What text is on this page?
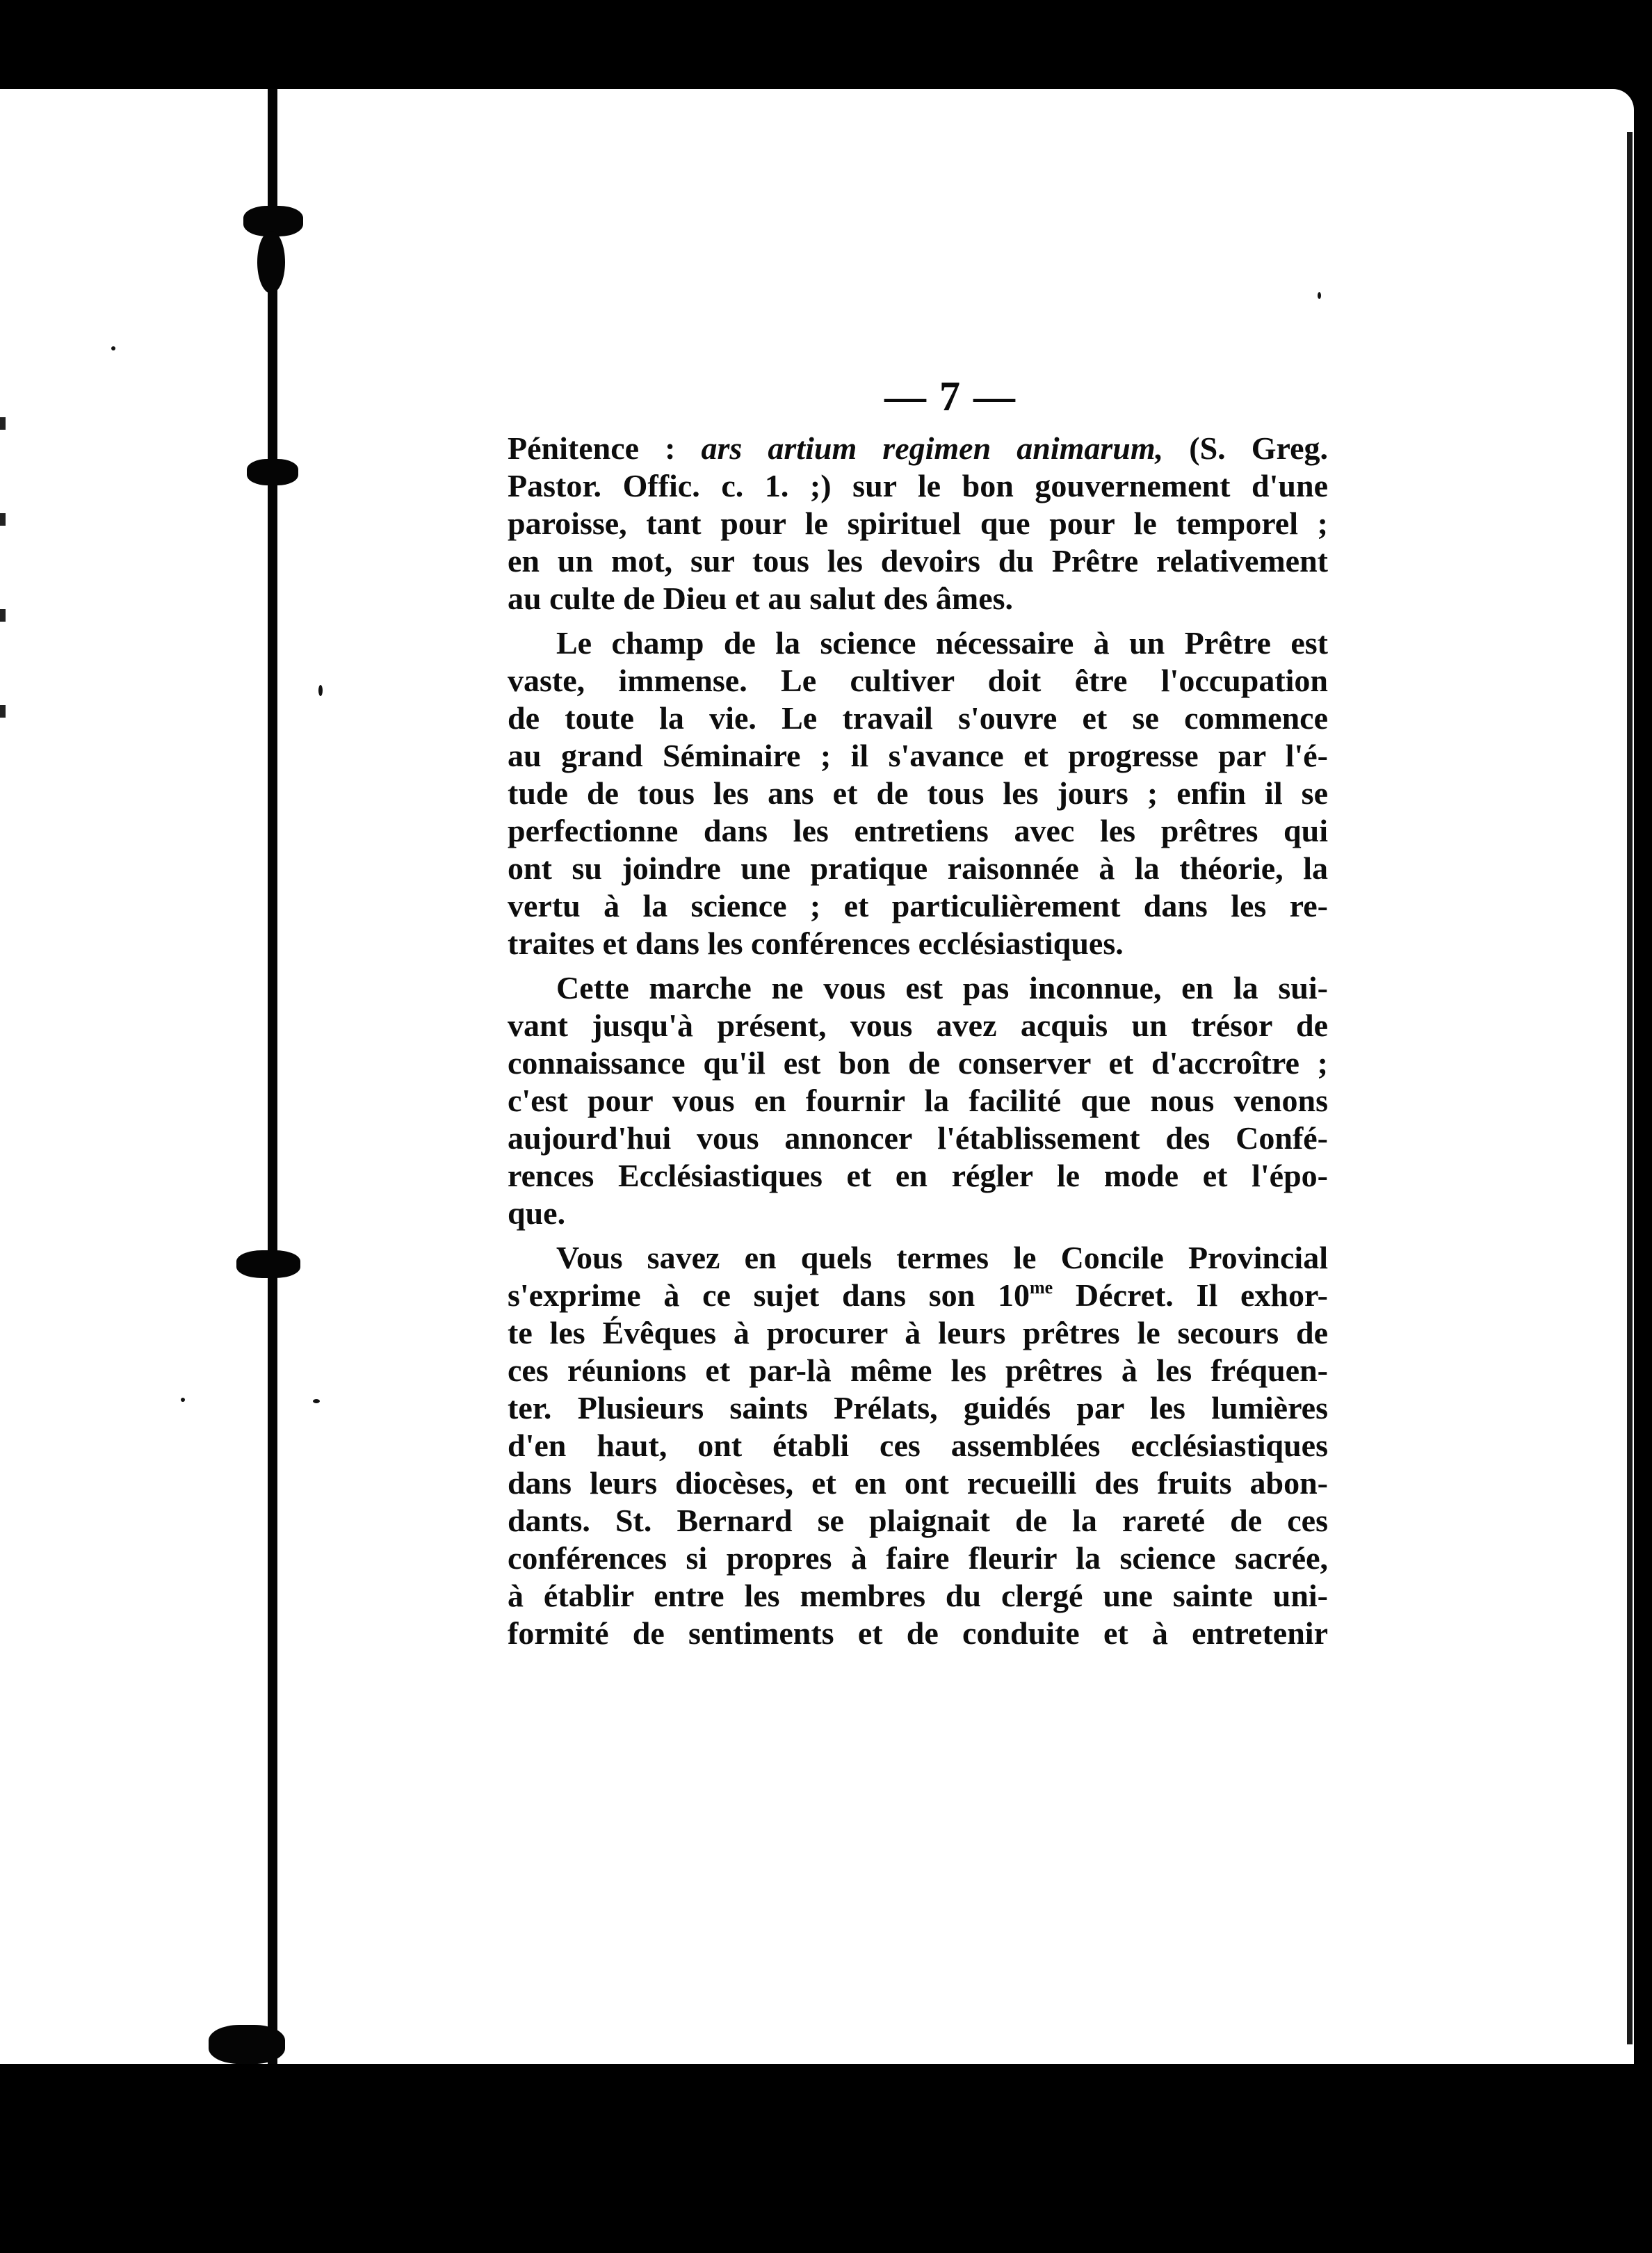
— 7 —
Pénitence : ars artium regimen animarum, (S. Greg.
Pastor. Offic. c. 1. ;) sur le bon gouvernement d'une
paroisse, tant pour le spirituel que pour le temporel ;
en un mot, sur tous les devoirs du Prêtre relativement
au culte de Dieu et au salut des âmes.
Le champ de la science nécessaire à un Prêtre est
vaste, immense. Le cultiver doit être l'occupation
de toute la vie. Le travail s'ouvre et se commence
au grand Séminaire ; il s'avance et progresse par l'é-
tude de tous les ans et de tous les jours ; enfin il se
perfectionne dans les entretiens avec les prêtres qui
ont su joindre une pratique raisonnée à la théorie, la
vertu à la science ; et particulièrement dans les re-
traites et dans les conférences ecclésiastiques.
Cette marche ne vous est pas inconnue, en la sui-
vant jusqu'à présent, vous avez acquis un trésor de
connaissance qu'il est bon de conserver et d'accroître ;
c'est pour vous en fournir la facilité que nous venons
aujourd'hui vous annoncer l'établissement des Confé-
rences Ecclésiastiques et en régler le mode et l'épo-
que.
Vous savez en quels termes le Concile Provincial
s'exprime à ce sujet dans son $10^{me}$ Décret. Il exhor-
te les Évêques à procurer à leurs prêtres le secours de
ces réunions et par-là même les prêtres à les fréquen-
ter. Plusieurs saints Prélats, guidés par les lumières
d'en haut, ont établi ces assemblées ecclésiastiques
dans leurs diocèses, et en ont recueilli des fruits abon-
dants. St. Bernard se plaignait de la rareté de ces
conférences si propres à faire fleurir la science sacrée,
à établir entre les membres du clergé une sainte uni-
formité de sentiments et de conduite et à entretenir
